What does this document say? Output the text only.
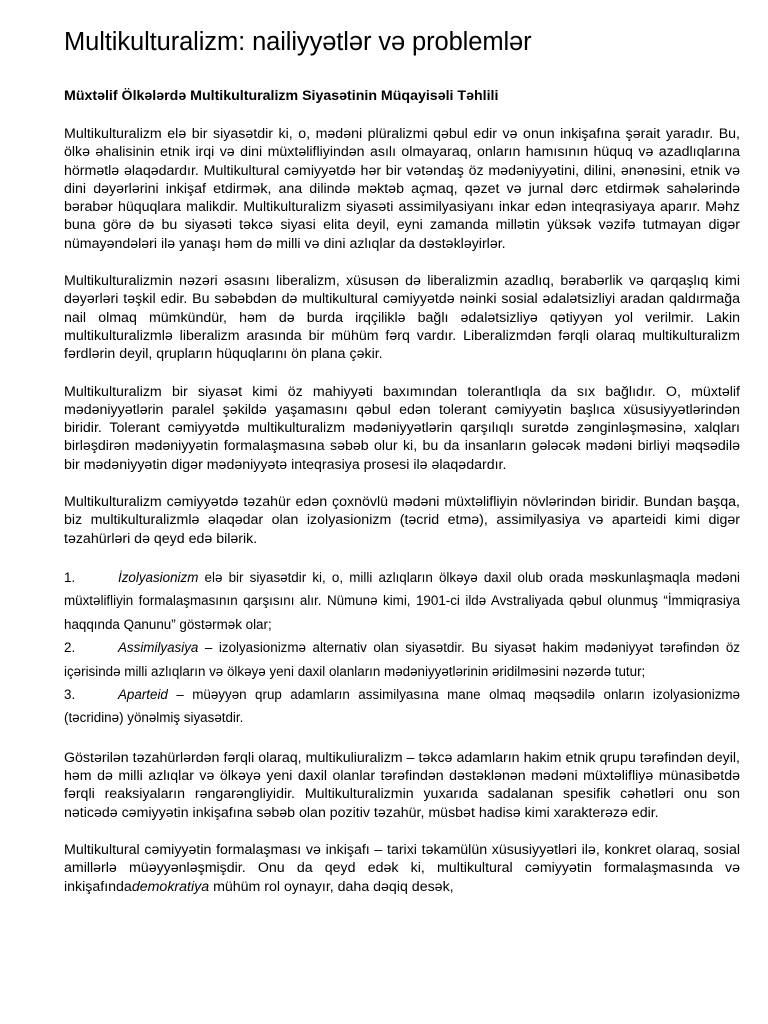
Multikulturalizm: nailiyyətlər və problemlər
Müxtəlif Ölkələrdə Multikulturalizm Siyasətinin Müqayisəli Təhlili

Multikulturalizm elə bir siyasətdir ki, o, mədəni plüralizmi qəbul edir və onun inkişafına şərait yaradır. Bu, ölkə əhalisinin etnik irqi və dini müxtəlifliyindən asılı olmayaraq, onların hamısının hüquq və azadlıqlarına hörmətlə əlaqədardır. Multikultural cəmiyyətdə hər bir vətəndaş öz mədəniyyətini, dilini, ənənəsini, etnik və dini dəyərlərini inkişaf etdirmək, ana dilində məktəb açmaq, qəzet və jurnal dərc etdirmək sahələrində bərabər hüquqlara malikdir. Multikulturalizm siyasəti assimilyasiyanı inkar edən inteqrasiyaya aparır. Məhz buna görə də bu siyasəti təkcə siyasi elita deyil, eyni zamanda millətin yüksək vəzifə tutmayan digər nümayəndələri ilə yanaşı həm də milli və dini azlıqlar da dəstəkləyirlər.

Multikulturalizmin nəzəri əsasını liberalizm, xüsusən də liberalizmin azadlıq, bərabərlik və qarqaşlıq kimi dəyərləri təşkil edir. Bu səbəbdən də multikultural cəmiyyətdə nəinki sosial ədalətsizliyi aradan qaldırmağa nail olmaq mümkündür, həm də burda irqçiliklə bağlı ədalətsizliyə qətiyyən yol verilmir. Lakin multikulturalizmlə liberalizm arasında bir mühüm fərq vardır. Liberalizmdən fərqli olaraq multikulturalizm fərdlərin deyil, qrupların hüquqlarını ön plana çəkir.

Multikulturalizm bir siyasət kimi öz mahiyyəti baxımından tolerantlıqla da sıx bağlıdır. O, müxtəlif mədəniyyətlərin paralel şəkildə yaşamasını qəbul edən tolerant cəmiyyətin başlıca xüsusiyyətlərindən biridir. Tolerant cəmiyyətdə multikulturalizm mədəniyyətlərin qarşılıqlı surətdə zənginləşməsinə, xalqları birləşdirən mədəniyyətin formalaşmasına səbəb olur ki, bu da insanların gələcək mədəni birliyi məqsədilə bir mədəniyyətin digər mədəniyyətə inteqrasiya prosesi ilə əlaqədardır.

Multikulturalizm cəmiyyətdə təzahür edən çoxnövlü mədəni müxtəlifliyin növlərindən biridir. Bundan başqa, biz multikulturalizmlə əlaqədar olan izolyasionizm (təcrid etmə), assimilyasiya və aparteidi kimi digər təzahürləri də qeyd edə bilərik.

1.	İzolyasionizm elə bir siyasətdir ki, o, milli azlıqların ölkəyə daxil olub orada məskunlaşmaqla mədəni müxtəlifliyin formalaşmasının qarşısını alır. Nümunə kimi, 1901-ci ildə Avstraliyada qəbul olunmuş “İmmiqrasiya haqqında Qanunu” göstərmək olar;

2.	Assimilyasiya – izolyasionizmə alternativ olan siyasətdir. Bu siyasət hakim mədəniyyət tərəfindən öz içərisində milli azlıqların və ölkəyə yeni daxil olanların mədəniyyətlərinin əridilməsini nəzərdə tutur;

3.	Aparteid – müəyyən qrup adamların assimilyasına mane olmaq məqsədilə onların izolyasionizmə (təcridinə) yönəlmiş siyasətdir.

Göstərilən təzahürlərdən fərqli olaraq, multikuliuralizm – təkcə adamların hakim etnik qrupu tərəfindən deyil, həm də milli azlıqlar və ölkəyə yeni daxil olanlar tərəfindən dəstəklənən mədəni müxtəlifliyə münasibətdə fərqli reaksiyaların rəngarəngliyidir. Multikulturalizmin yuxarıda sadalanan spesifik cəhətləri onu son nəticədə cəmiyyətin inkişafına səbəb olan pozitiv təzahür, müsbət hadisə kimi xarakterəzə edir.

Multikultural cəmiyyətin formalaşması və inkişafı – tarixi təkamülün xüsusiyyətləri ilə, konkret olaraq, sosial amillərlə müəyyənləşmişdir. Onu da qeyd edək ki, multikultural cəmiyyətin formalaşmasında və inkişafındademokratiya mühüm rol oynayır, daha dəqiq desək,
